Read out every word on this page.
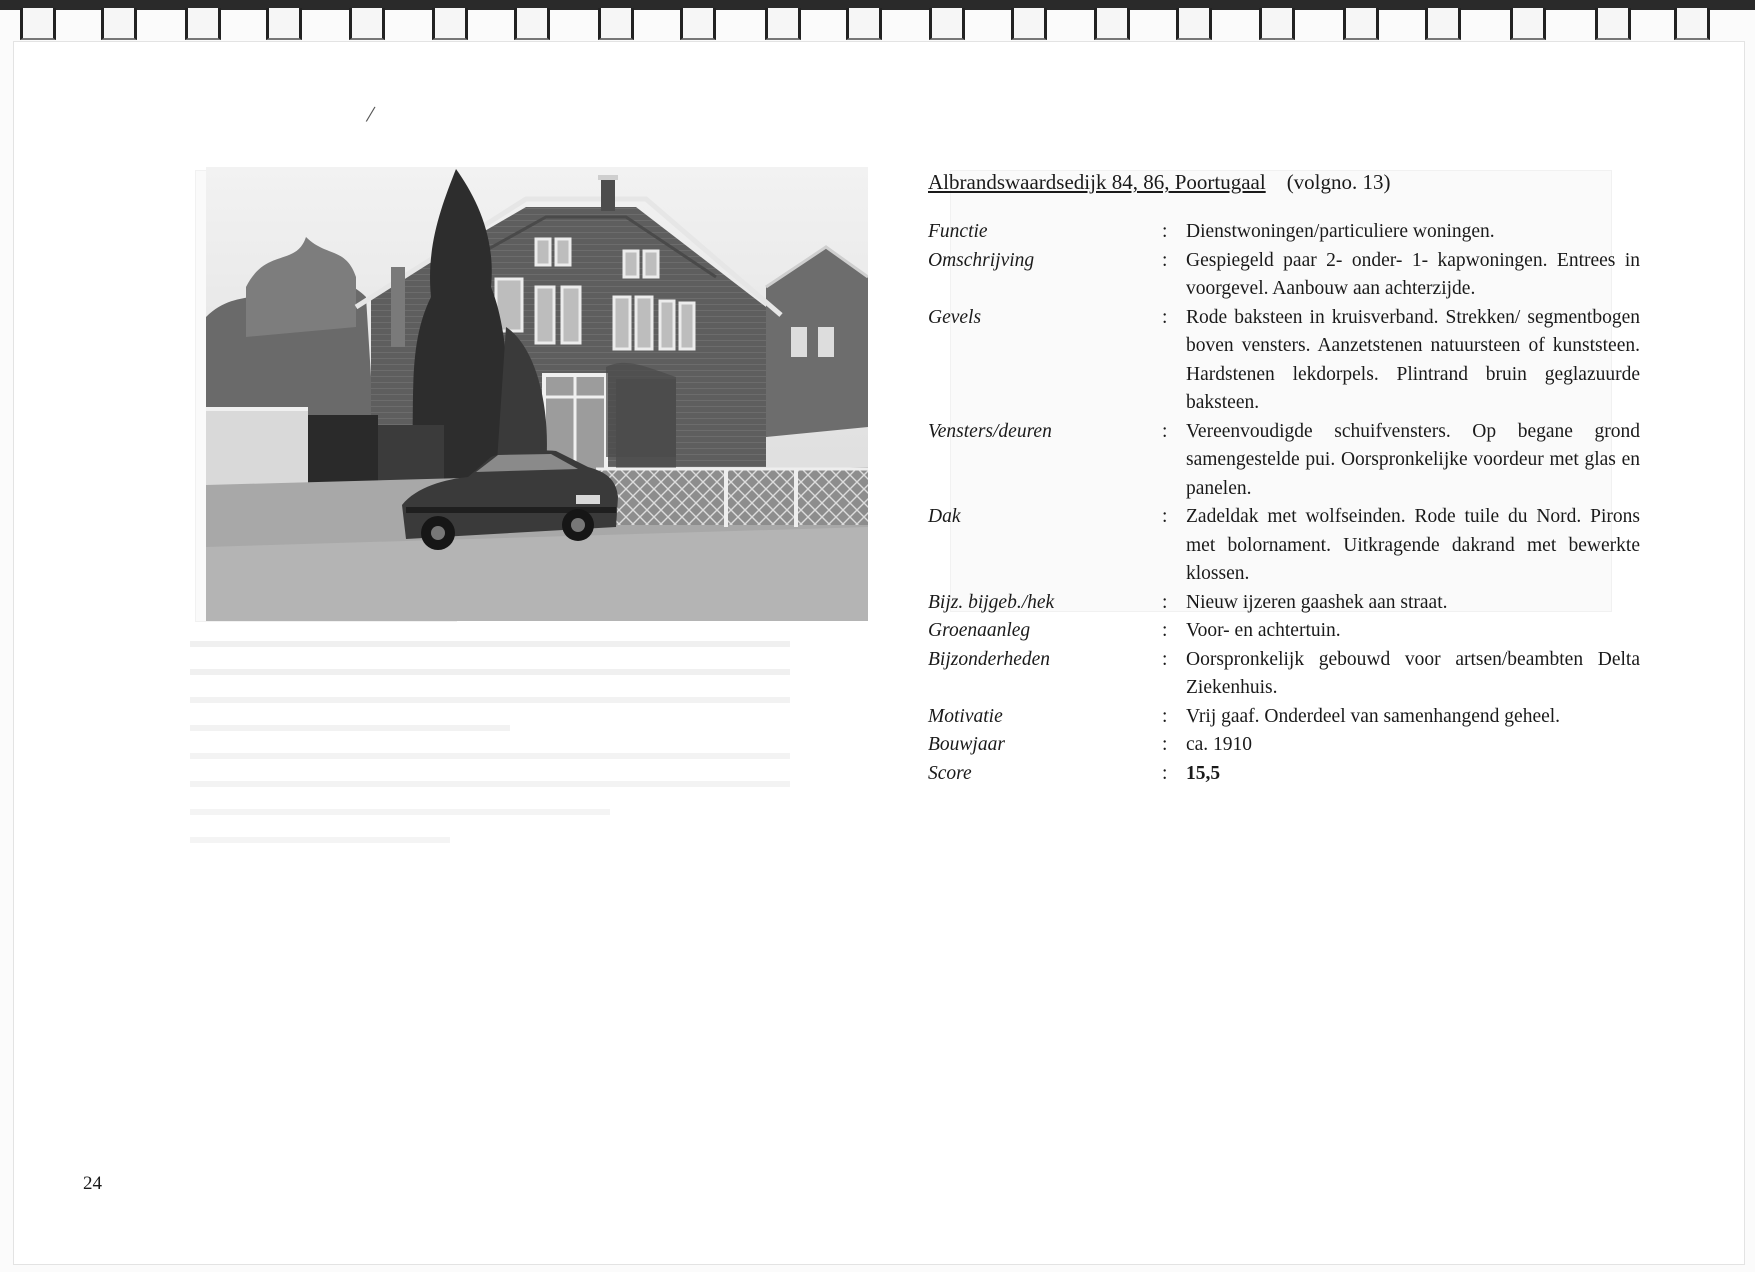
/
Albrandswaardsedijk 84, 86, Poortugaal (volgno. 13)
Functie	: Dienstwoningen/particuliere woningen.
Omschrijving	: Gespiegeld paar 2- onder- 1- kapwoningen. Entrees in voorgevel. Aanbouw aan achterzijde.
Gevels	: Rode baksteen in kruisverband. Strekken/ segmentbogen boven vensters. Aanzetstenen natuursteen of kunststeen. Hardstenen lekdorpels. Plintrand bruin geglazuurde baksteen.
Vensters/deuren	: Vereenvoudigde schuifvensters. Op begane grond samengestelde pui. Oorspronkelijke voordeur met glas en panelen.
Dak	: Zadeldak met wolfseinden. Rode tuile du Nord. Pirons met bolornament. Uitkragende dakrand met bewerkte klossen.
Bijz. bijgeb./hek	: Nieuw ijzeren gaashek aan straat.
Groenaanleg	: Voor- en achtertuin.
Bijzonderheden	: Oorspronkelijk gebouwd voor artsen/beambten Delta Ziekenhuis.
Motivatie	: Vrij gaaf. Onderdeel van samenhangend geheel.
Bouwjaar	: ca. 1910
Score	: 15,5
24
